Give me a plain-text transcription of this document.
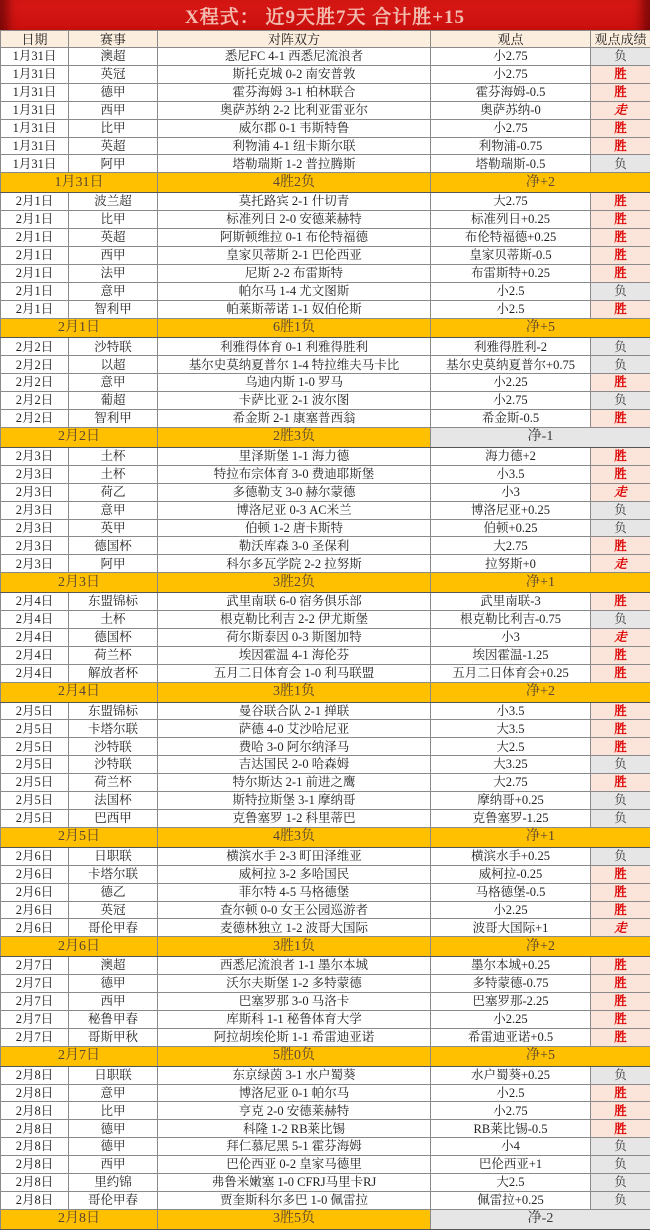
X程式： 近9天胜7天 合计胜+15
日期	赛事	对阵双方	观点	观点成绩
1月31日	澳超	悉尼FC 4-1 西悉尼流浪者	小2.75	负
1月31日	英冠	斯托克城 0-2 南安普敦	小2.75	胜
1月31日	德甲	霍芬海姆 3-1 柏林联合	霍芬海姆-0.5	胜
1月31日	西甲	奥萨苏纳 2-2 比利亚雷亚尔	奥萨苏纳-0	走
1月31日	比甲	威尔郡 0-1 韦斯特鲁	小2.75	胜
1月31日	英超	利物浦 4-1 纽卡斯尔联	利物浦-0.75	胜
1月31日	阿甲	塔勒瑞斯 1-2 普拉腾斯	塔勒瑞斯-0.5	负
1月31日		4胜2负	净+2	
2月1日	波兰超	莫托路宾 2-1 什切青	大2.75	胜
2月1日	比甲	标准列日 2-0 安德莱赫特	标准列日+0.25	胜
2月1日	英超	阿斯顿维拉 0-1 布伦特福德	布伦特福德+0.25	胜
2月1日	西甲	皇家贝蒂斯 2-1 巴伦西亚	皇家贝蒂斯-0.5	胜
2月1日	法甲	尼斯 2-2 布雷斯特	布雷斯特+0.25	胜
2月1日	意甲	帕尔马 1-4 尤文图斯	小2.5	负
2月1日	智利甲	帕莱斯蒂诺 1-1 奴伯伦斯	小2.5	胜
2月1日		6胜1负	净+5	
2月2日	沙特联	利雅得体育 0-1 利雅得胜利	利雅得胜利-2	负
2月2日	以超	基尔史莫纳夏普尔 1-4 特拉维夫马卡比	基尔史莫纳夏普尔+0.75	负
2月2日	意甲	乌迪内斯 1-0 罗马	小2.25	胜
2月2日	葡超	卡萨比亚 2-1 波尔图	小2.75	负
2月2日	智利甲	希金斯 2-1 康塞普西翁	希金斯-0.5	胜
2月2日		2胜3负	净-1	
2月3日	土杯	里泽斯堡 1-1 海力德	海力德+2	胜
2月3日	土杯	特拉布宗体育 3-0 费迪耶斯堡	小3.5	胜
2月3日	荷乙	多德勒支 3-0 赫尔蒙德	小3	走
2月3日	意甲	博洛尼亚 0-3 AC米兰	博洛尼亚+0.25	负
2月3日	英甲	伯顿 1-2 唐卡斯特	伯顿+0.25	负
2月3日	德国杯	勒沃库森 3-0 圣保利	大2.75	胜
2月3日	阿甲	科尔多瓦学院 2-2 拉努斯	拉努斯+0	走
2月3日		3胜2负	净+1	
2月4日	东盟锦标	武里南联 6-0 宿务俱乐部	武里南联-3	胜
2月4日	土杯	根克勒比利吉 2-2 伊尤斯堡	根克勒比利吉-0.75	负
2月4日	德国杯	荷尔斯泰因 0-3 斯图加特	小3	走
2月4日	荷兰杯	埃因霍温 4-1 海伦芬	埃因霍温-1.25	胜
2月4日	解放者杯	五月二日体育会 1-0 利马联盟	五月二日体育会+0.25	胜
2月4日		3胜1负	净+2	
2月5日	东盟锦标	曼谷联合队 2-1 掸联	小3.5	胜
2月5日	卡塔尔联	萨德 4-0 艾沙哈尼亚	大3.5	胜
2月5日	沙特联	费哈 3-0 阿尔纳泽马	大2.5	胜
2月5日	沙特联	吉达国民 2-0 哈森姆	大3.25	负
2月5日	荷兰杯	特尔斯达 2-1 前进之鹰	大2.75	胜
2月5日	法国杯	斯特拉斯堡 3-1 摩纳哥	摩纳哥+0.25	负
2月5日	巴西甲	克鲁塞罗 1-2 科里蒂巴	克鲁塞罗-1.25	负
2月5日		4胜3负	净+1	
2月6日	日职联	横滨水手 2-3 町田泽维亚	横滨水手+0.25	负
2月6日	卡塔尔联	威柯拉 3-2 多哈国民	威柯拉-0.25	胜
2月6日	德乙	菲尔特 4-5 马格德堡	马格德堡-0.5	胜
2月6日	英冠	查尔顿 0-0 女王公园巡游者	小2.25	胜
2月6日	哥伦甲春	麦德林独立 1-2 波哥大国际	波哥大国际+1	走
2月6日		3胜1负	净+2	
2月7日	澳超	西悉尼流浪者 1-1 墨尔本城	墨尔本城+0.25	胜
2月7日	德甲	沃尔夫斯堡 1-2 多特蒙德	多特蒙德-0.75	胜
2月7日	西甲	巴塞罗那 3-0 马洛卡	巴塞罗那-2.25	胜
2月7日	秘鲁甲春	库斯科 1-1 秘鲁体育大学	小2.25	胜
2月7日	哥斯甲秋	阿拉胡埃伦斯 1-1 希雷迪亚诺	希雷迪亚诺+0.5	胜
2月7日		5胜0负	净+5	
2月8日	日职联	东京绿茵 3-1 水户蜀葵	水户蜀葵+0.25	负
2月8日	意甲	博洛尼亚 0-1 帕尔马	小2.5	胜
2月8日	比甲	亨克 2-0 安德莱赫特	小2.75	胜
2月8日	德甲	科隆 1-2 RB莱比锡	RB莱比锡-0.5	胜
2月8日	德甲	拜仁慕尼黑 5-1 霍芬海姆	小4	负
2月8日	西甲	巴伦西亚 0-2 皇家马德里	巴伦西亚+1	负
2月8日	里约锦	弗鲁米嫩塞 1-0 CFRJ马里卡RJ	大2.5	负
2月8日	哥伦甲春	贾奎斯科尔多巴 1-0 佩雷拉	佩雷拉+0.25	负
2月8日		3胜5负	净-2	
